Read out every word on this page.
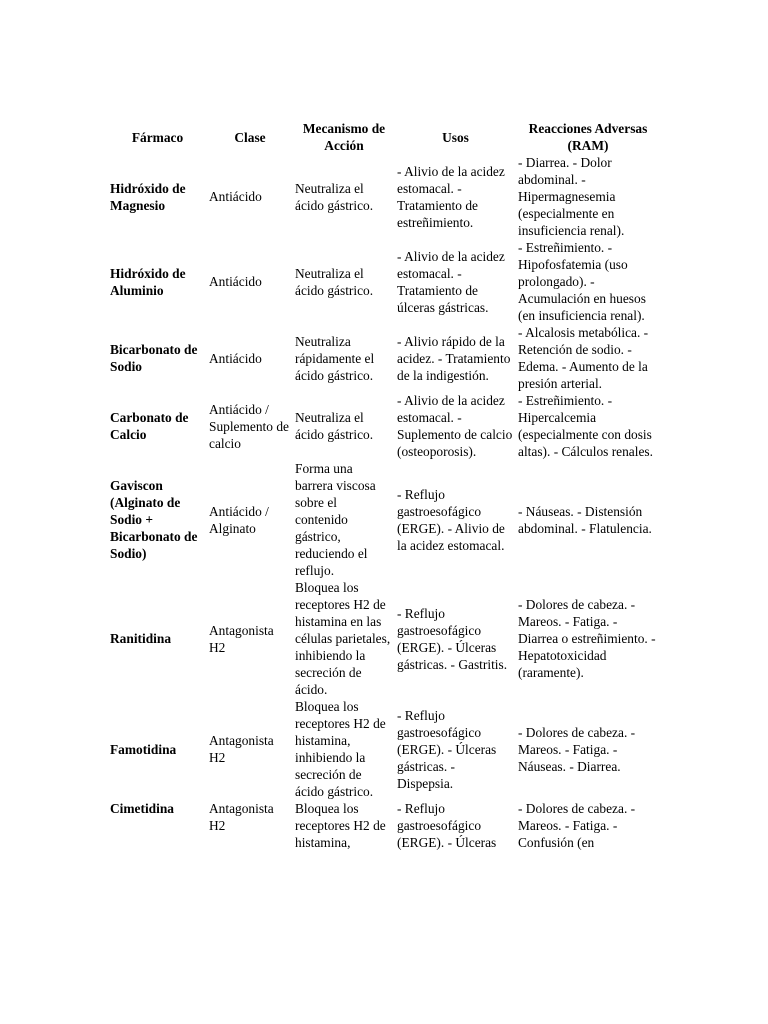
Fármaco	Clase	Mecanismo de Acción	Usos	Reacciones Adversas (RAM)
Hidróxido de Magnesio	Antiácido	Neutraliza el ácido gástrico.	- Alivio de la acidez estomacal. - Tratamiento de estreñimiento.	- Diarrea. - Dolor abdominal. - Hipermagnesemia (especialmente en insuficiencia renal).
Hidróxido de Aluminio	Antiácido	Neutraliza el ácido gástrico.	- Alivio de la acidez estomacal. - Tratamiento de úlceras gástricas.	- Estreñimiento. - Hipofosfatemia (uso prolongado). - Acumulación en huesos (en insuficiencia renal).
Bicarbonato de Sodio	Antiácido	Neutraliza rápidamente el ácido gástrico.	- Alivio rápido de la acidez. - Tratamiento de la indigestión.	- Alcalosis metabólica. - Retención de sodio. - Edema. - Aumento de la presión arterial.
Carbonato de Calcio	Antiácido / Suplemento de calcio	Neutraliza el ácido gástrico.	- Alivio de la acidez estomacal. - Suplemento de calcio (osteoporosis).	- Estreñimiento. - Hipercalcemia (especialmente con dosis altas). - Cálculos renales.
Gaviscon (Alginato de Sodio + Bicarbonato de Sodio)	Antiácido / Alginato	Forma una barrera viscosa sobre el contenido gástrico, reduciendo el reflujo.	- Reflujo gastroesofágico (ERGE). - Alivio de la acidez estomacal.	- Náuseas. - Distensión abdominal. - Flatulencia.
Ranitidina	Antagonista H2	Bloquea los receptores H2 de histamina en las células parietales, inhibiendo la secreción de ácido.	- Reflujo gastroesofágico (ERGE). - Úlceras gástricas. - Gastritis.	- Dolores de cabeza. - Mareos. - Fatiga. - Diarrea o estreñimiento. - Hepatotoxicidad (raramente).
Famotidina	Antagonista H2	Bloquea los receptores H2 de histamina, inhibiendo la secreción de ácido gástrico.	- Reflujo gastroesofágico (ERGE). - Úlceras gástricas. - Dispepsia.	- Dolores de cabeza. - Mareos. - Fatiga. - Náuseas. - Diarrea.
Cimetidina	Antagonista H2	Bloquea los receptores H2 de histamina,	- Reflujo gastroesofágico (ERGE). - Úlceras	- Dolores de cabeza. - Mareos. - Fatiga. - Confusión (en
